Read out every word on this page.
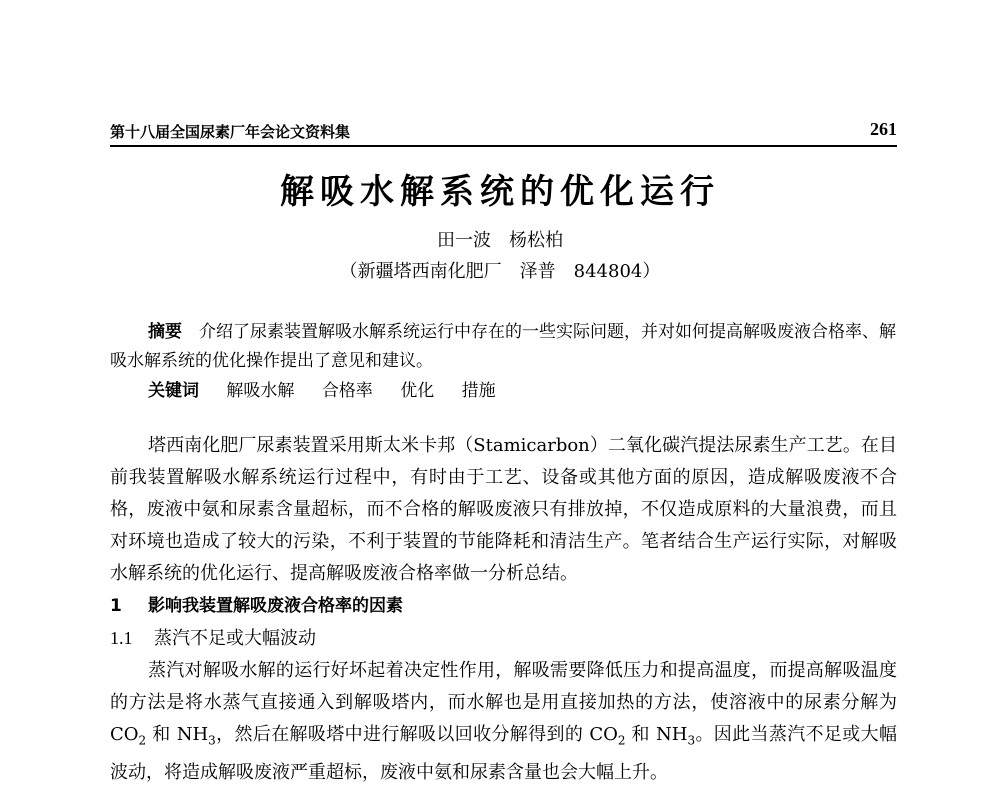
第十八届全国尿素厂年会论文资料集	261
解吸水解系统的优化运行
田一波　杨松柏
（新疆塔西南化肥厂　泽普　844804）
摘要　 介绍了尿素装置解吸水解系统运行中存在的一些实际问题，并对如何提高解吸废液合格率、解吸水解系统的优化操作提出了意见和建议。
关键词 解吸水解 合格率 优化 措施

塔西南化肥厂尿素装置采用斯太米卡邦（Stamicarbon）二氧化碳汽提法尿素生产工艺。在目前我装置解吸水解系统运行过程中，有时由于工艺、设备或其他方面的原因，造成解吸废液不合格，废液中氨和尿素含量超标，而不合格的解吸废液只有排放掉，不仅造成原料的大量浪费，而且对环境也造成了较大的污染，不利于装置的节能降耗和清洁生产。笔者结合生产运行实际，对解吸水解系统的优化运行、提高解吸废液合格率做一分析总结。

1 影响我装置解吸废液合格率的因素

1.1 蒸汽不足或大幅波动

蒸汽对解吸水解的运行好坏起着决定性作用，解吸需要降低压力和提高温度，而提高解吸温度的方法是将水蒸气直接通入到解吸塔内，而水解也是用直接加热的方法，使溶液中的尿素分解为 $CO_2$ 和 $NH_3$，然后在解吸塔中进行解吸以回收分解得到的 $CO_2$ 和 $NH_3$。因此当蒸汽不足或大幅波动，将造成解吸废液严重超标，废液中氨和尿素含量也会大幅上升。
